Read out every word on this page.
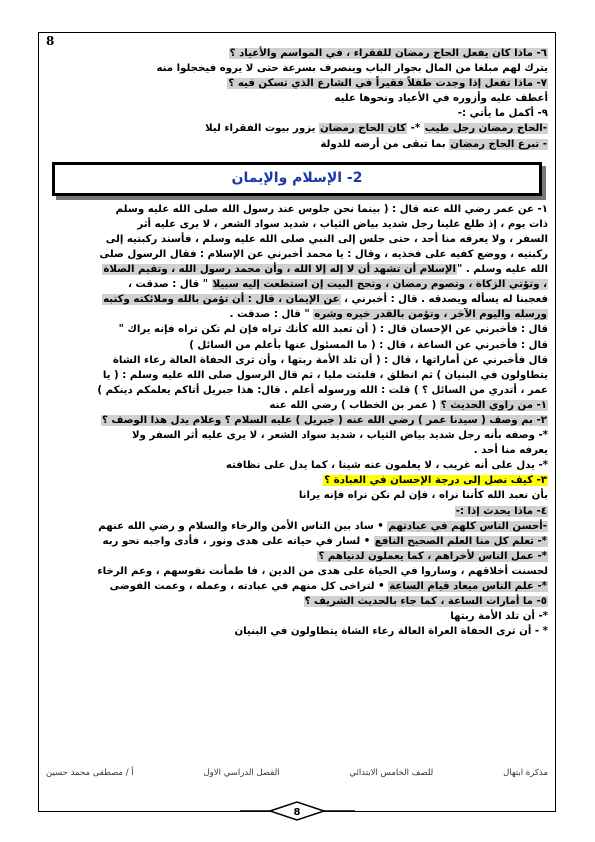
8
٦- ماذا كان يفعل الحاج رمضان للفقراء ، في المواسم والأعياد ؟
يترك لهم مبلغا من المال بجوار الباب وينصرف بسرعة حتى لا يروه فيخجلوا منه
٧- ماذا تفعل إذا وجدت طفلاً فقيراً في الشارع الذي تسكن فيه ؟
أعطف عليه وأزوره في الأعياد ونحوها عليه
٩- أكمل ما يأتي :-
-الحاج رمضان رجل طيب *- كان الحاج رمضان يزور بيوت الفقراء ليلا
- تبرع الحاج رمضان بما تبقى من أرضه للدولة
2- الإسلام والإيمان
١- عن عمر رضي الله عنه قال : ( بينما نحن جلوس عند رسول الله صلى الله عليه وسلم
ذات يوم ، إذ طلع علينا رجل شديد بياض الثياب ، شديد سواد الشعر ، لا يرى عليه أثر
السفر ، ولا يعرفه منا أحد ، حتى جلس إلى النبي صلى الله عليه وسلم ، فأسند ركبتيه إلى
ركبتيه ، ووضع كفيه على فخذيه ، وقال : يا محمد أخبرني عن الإسلام : فقال الرسول صلى
الله عليه وسلم . "الإسلام أن تشهد أن لا إله إلا الله ، وأن محمد رسول الله ، وتقيم الصلاة
، وتؤتي الزكاة ، وتصوم رمضان ، وتحج البيت إن استطعت إليه سبيلا " قال : صدقت ،
فعجبنا له يسأله ويصدقه . قال : أخبرني ، عن الإيمان ، قال : أن تؤمن بالله وملائكته وكتبه
ورسله واليوم الآخر ، وتؤمن بالقدر خيره وشره " قال : صدقت .
قال : فأخبرني عن الإحسان قال : ( أن تعبد الله كأنك تراه فإن لم تكن تراه فإنه يراك "
قال : فأخبرني عن الساعة ، قال : ( ما المسئول عنها بأعلم من السائل )
قال فأخبرني عن أماراتها ، قال : ( أن تلد الأمة ربتها ، وأن ترى الحفاة العالة رعاء الشاة
يتطاولون في البنيان ) ثم انطلق ، فلبثت مليا ، ثم قال الرسول صلى الله عليه وسلم : ( يا
عمر ، أتدري من السائل ؟ ) قلت : الله ورسوله أعلم . قال: هذا جبريل أتاكم يعلمكم دينكم )
١- من راوي الحديث ؟ ( عمر بن الخطاب ) رضي الله عنه
٢- بم وصف ( سيدنا عمر ) رضي الله عنه ( جبريل ) عليه السلام ؟ وعلام يدل هذا الوصف ؟
*- وصفه بأنه رجل شديد بياض الثياب ، شديد سواد الشعر ، لا يرى عليه أثر السفر ولا
يعرفه منا أحد .
*- يدل على أنه غريب ، لا يعلمون عنه شينا ، كما يدل على نظافته
٣- كيف نصل إلى درجة الإحسان في العبادة ؟
بأن نعبد الله كأننا نراه ، فإن لم نكن نراه فإنه يرانا
٤- ماذا يحدث إذا :-
-أحسن الناس كلهم في عبادتهم • ساد بين الناس الأمن والرخاء والسلام و رضي الله عنهم
*- تعلم كل منا العلم الصحيح النافع • لسار في حياته على هدى ونور ، فأدى واجبه نحو ربه
*- عمل الناس لأخراهم ، كما يعملون لدنياهم ؟
لحسنت أخلاقهم ، وساروا في الحياة على هدى من الدين ، فا طمأنت نفوسهم ، وعم الرخاء
*- علم الناس ميعاد قيام الساعة • لتراخى كل منهم في عبادته ، وعمله ، وعمت الفوضى
٥- ما أمارات الساعة ، كما جاء بالحديث الشريف ؟
*- أن تلد الأمة ربتها
* - أن ترى الحفاة العراة العالة رعاء الشاة يتطاولون في البنيان
مذكرة ابتهال
للصف الخامس الابتدائي
الفصل الدراسي الاول
أ / مصطفى محمد حسين
8
